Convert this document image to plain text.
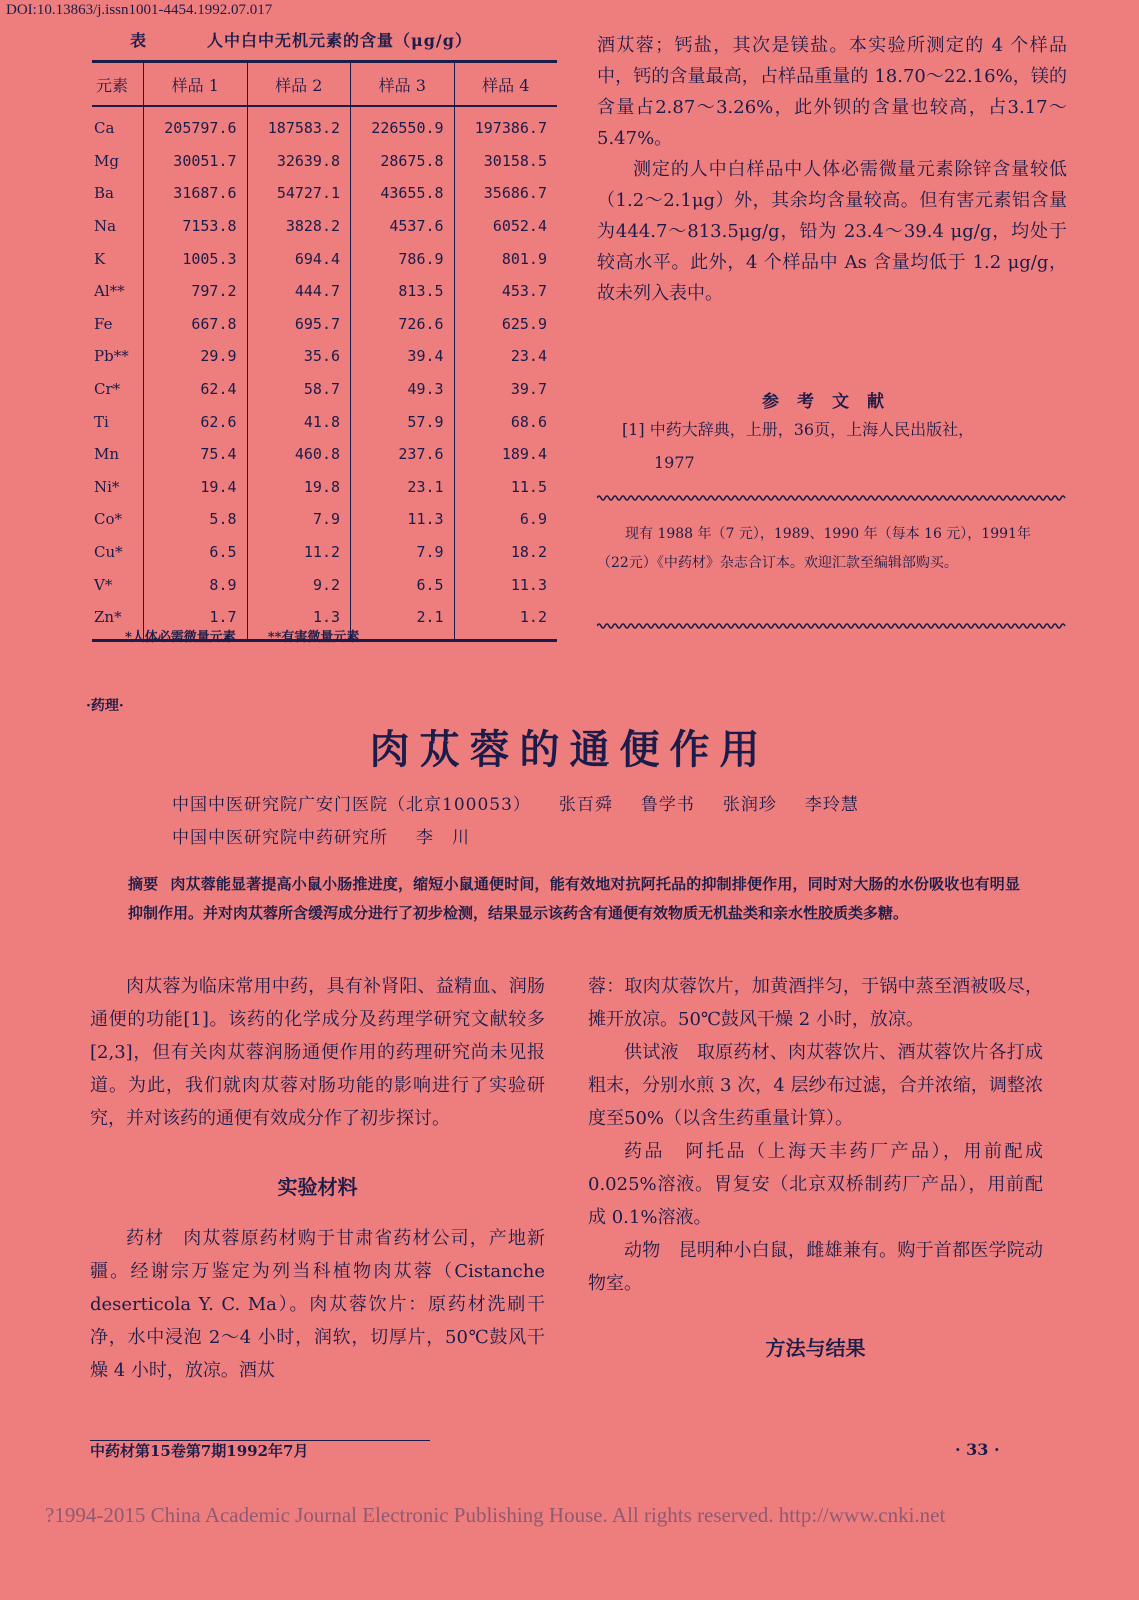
DOI:10.13863/j.issn1001-4454.1992.07.017
表	人中白中无机元素的含量（μg/g）
元素	样品 1	样品 2	样品 3	样品 4
Ca	205797.6	187583.2	226550.9	197386.7
Mg	30051.7	32639.8	28675.8	30158.5
Ba	31687.6	54727.1	43655.8	35686.7
Na	7153.8	3828.2	4537.6	6052.4
K	1005.3	694.4	786.9	801.9
Al**	797.2	444.7	813.5	453.7
Fe	667.8	695.7	726.6	625.9
Pb**	29.9	35.6	39.4	23.4
Cr*	62.4	58.7	49.3	39.7
Ti	62.6	41.8	57.9	68.6
Mn	75.4	460.8	237.6	189.4
Ni*	19.4	19.8	23.1	11.5
Co*	5.8	7.9	11.3	6.9
Cu*	6.5	11.2	7.9	18.2
V*	8.9	9.2	6.5	11.3
Zn*	1.7	1.3	2.1	1.2
*人体必需微量元素 **有害微量元素

酒苁蓉；钙盐，其次是镁盐。本实验所测定的 4 个样品中，钙的含量最高，占样品重量的 18.70～22.16%，镁的含量占2.87～3.26%，此外钡的含量也较高，占3.17～5.47%。

测定的人中白样品中人体必需微量元素除锌含量较低（1.2～2.1μg）外，其余均含量较高。但有害元素铝含量为444.7～813.5μg/g，铅为 23.4～39.4 μg/g，均处于较高水平。此外，4 个样品中 As 含量均低于 1.2 μg/g，故未列入表中。

参考文献
[1] 中药大辞典，上册，36页，上海人民出版社，
1977
现有 1988 年（7 元），1989、1990 年（每本 16 元），1991年（22元）《中药材》杂志合订本。欢迎汇款至编辑部购买。
·药理·
肉苁蓉的通便作用
中国中医研究院广安门医院（北京100053） 张百舜 鲁学书 张润珍 李玲慧
中国中医研究院中药研究所 李　川
摘要 肉苁蓉能显著提高小鼠小肠推进度，缩短小鼠通便时间，能有效地对抗阿托品的抑制排便作用，同时对大肠的水份吸收也有明显抑制作用。并对肉苁蓉所含缓泻成分进行了初步检测，结果显示该药含有通便有效物质无机盐类和亲水性胶质类多糖。

肉苁蓉为临床常用中药，具有补肾阳、益精血、润肠通便的功能[1]。该药的化学成分及药理学研究文献较多[2,3]，但有关肉苁蓉润肠通便作用的药理研究尚未见报道。为此，我们就肉苁蓉对肠功能的影响进行了实验研究，并对该药的通便有效成分作了初步探讨。

实验材料

药材　肉苁蓉原药材购于甘肃省药材公司，产地新疆。经谢宗万鉴定为列当科植物肉苁蓉（Cistanche deserticola Y. C. Ma）。肉苁蓉饮片：原药材洗刷干净，水中浸泡 2～4 小时，润软，切厚片，50℃鼓风干燥 4 小时，放凉。酒苁

蓉：取肉苁蓉饮片，加黄酒拌匀，于锅中蒸至酒被吸尽，摊开放凉。50℃鼓风干燥 2 小时，放凉。

供试液　取原药材、肉苁蓉饮片、酒苁蓉饮片各打成粗末，分别水煎 3 次，4 层纱布过滤，合并浓缩，调整浓度至50%（以含生药重量计算）。

药品　阿托品（上海天丰药厂产品），用前配成 0.025%溶液。胃复安（北京双桥制药厂产品），用前配成 0.1%溶液。

动物　昆明种小白鼠，雌雄兼有。购于首都医学院动物室。

方法与结果
中药材第15卷第7期1992年7月	· 33 ·
?1994-2015 China Academic Journal Electronic Publishing House. All rights reserved. http://www.cnki.net
